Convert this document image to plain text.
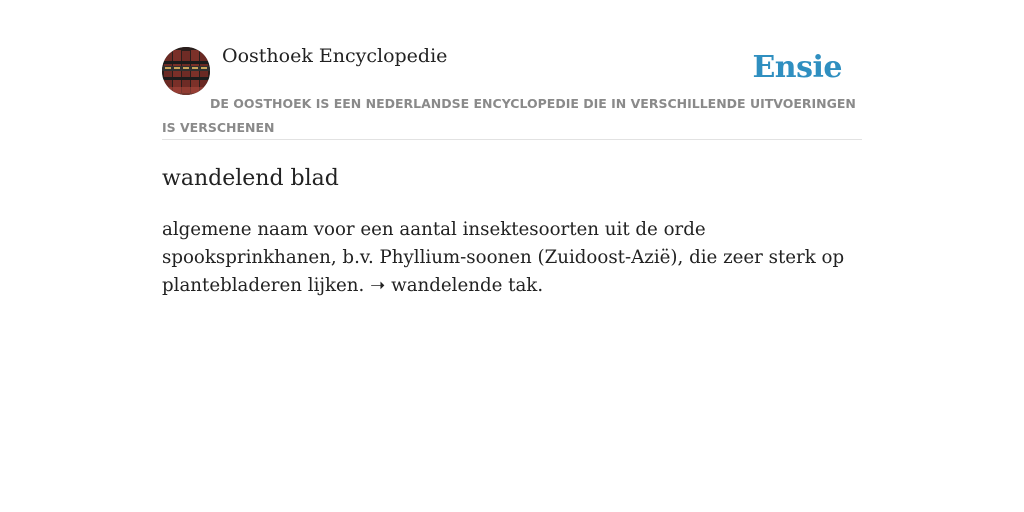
Oosthoek Encyclopedie	Ensie
DE OOSTHOEK IS EEN NEDERLANDSE ENCYCLOPEDIE DIE IN VERSCHILLENDE UITVOERINGEN IS VERSCHENEN
wandelend blad

algemene naam voor een aantal insektesoorten uit de orde spooksprinkhanen, b.v. Phyllium-soonen (Zuidoost-Azië), die zeer sterk op plantebladeren lijken. ➝ wandelende tak.
